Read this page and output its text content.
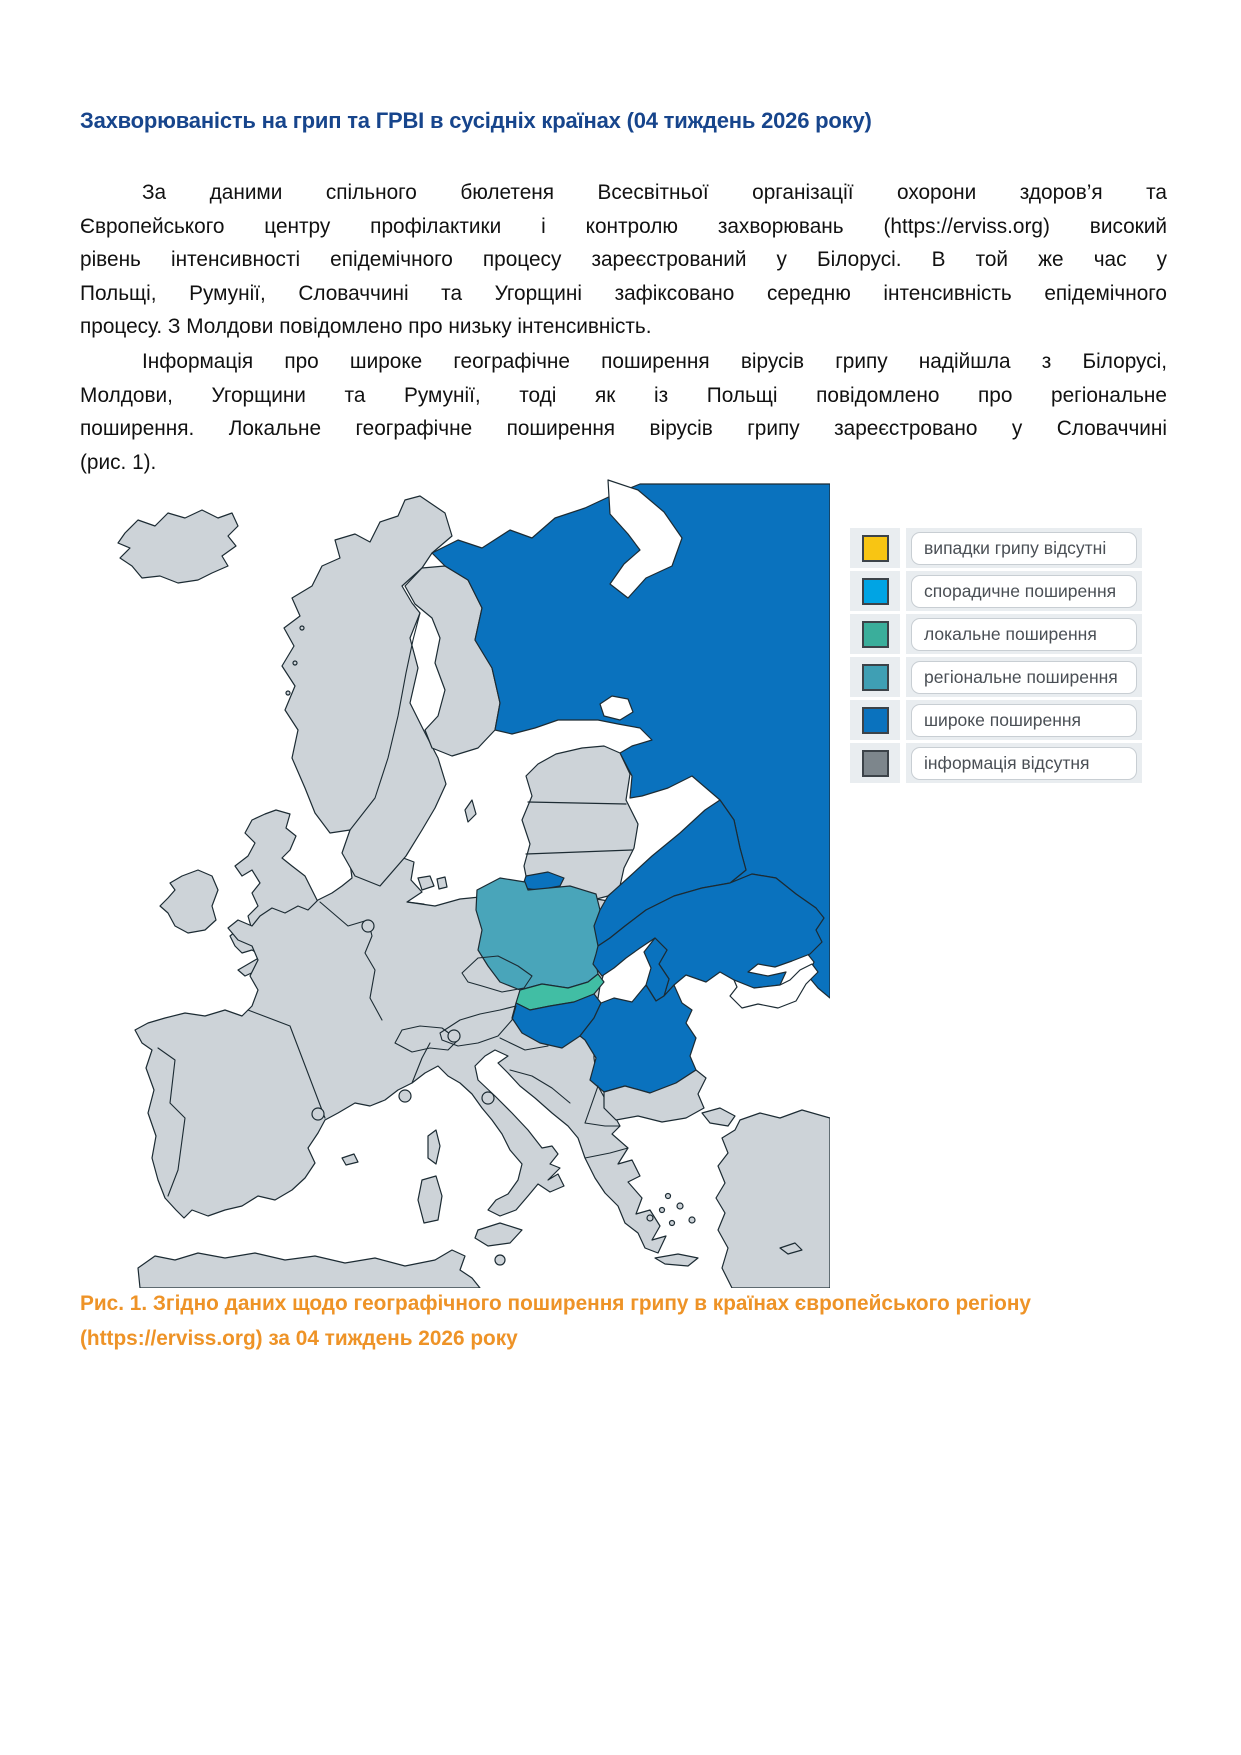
Захворюваність на грип та ГРВІ в сусідніх країнах (04 тиждень 2026 року)
За даними спільного бюлетеня Всесвітньої організації охорони здоров’я та
Європейського центру профілактики і контролю захворювань (https://erviss.org) високий
рівень інтенсивності епідемічного процесу зареєстрований у Білорусі. В той же час у
Польщі, Румунії, Словаччині та Угорщині зафіксовано середню інтенсивність епідемічного
процесу. З Молдови повідомлено про низьку інтенсивність.
Інформація про широке географічне поширення вірусів грипу надійшла з Білорусі,
Молдови, Угорщини та Румунії, тоді як із Польщі повідомлено про регіональне
поширення. Локальне географічне поширення вірусів грипу зареєстровано у Словаччині
(рис. 1).
випадки грипу відсутні
спорадичне поширення
локальне поширення
регіональне поширення
широке поширення
інформація відсутня
Рис. 1. Згідно даних щодо географічного поширення грипу в країнах європейського регіону
(https://erviss.org) за 04 тиждень 2026 року
